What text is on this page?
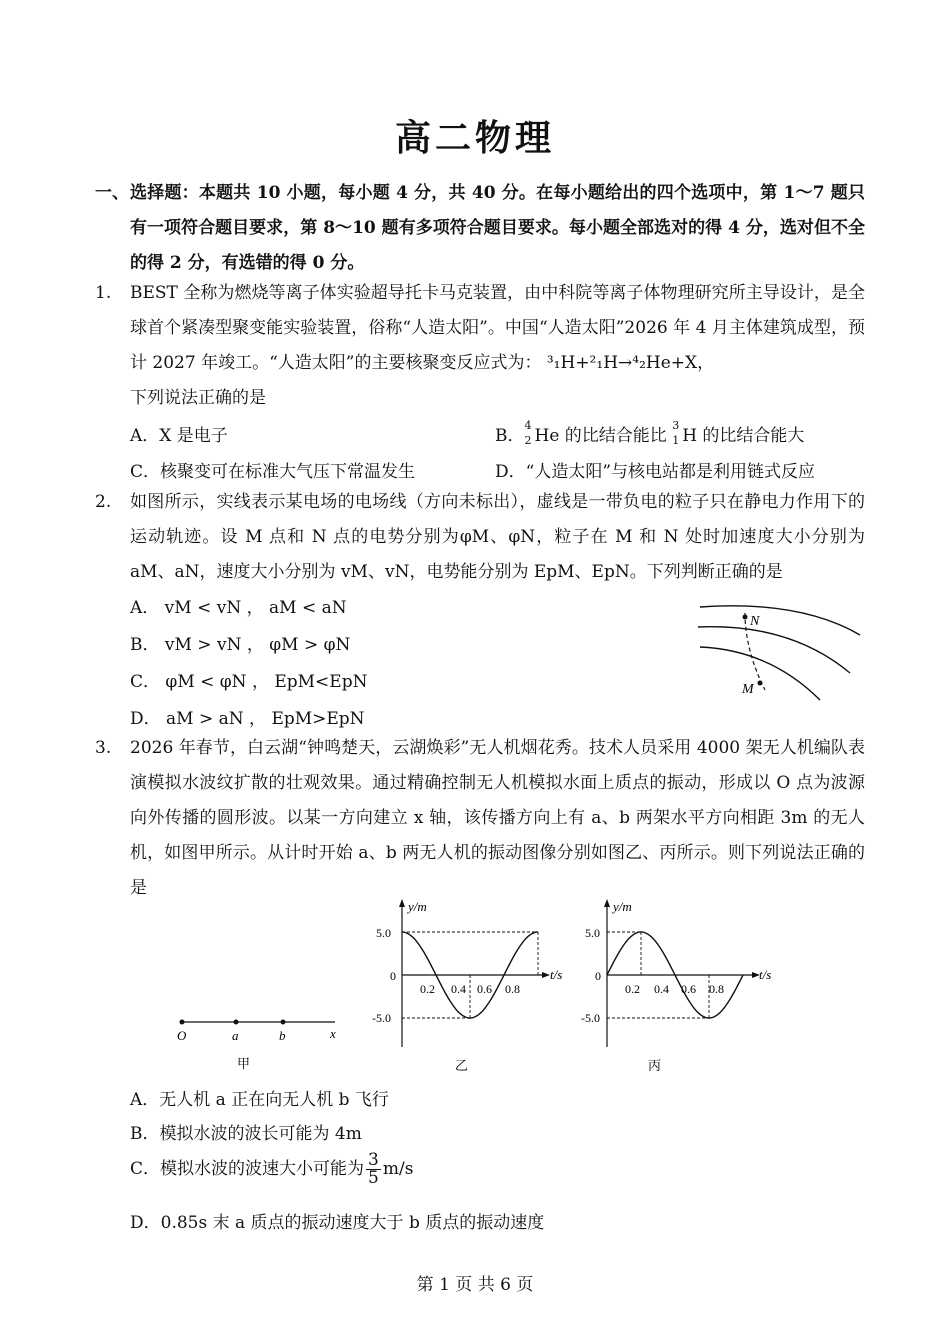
高二物理
一、 选择题：本题共 10 小题，每小题 4 分，共 40 分。在每小题给出的四个选项中，第 1～7 题只有一项符合题目要求，第 8～10 题有多项符合题目要求。每小题全部选对的得 4 分，选对但不全的得 2 分，有选错的得 0 分。
1. BEST 全称为燃烧等离子体实验超导托卡马克装置，由中科院等离子体物理研究所主导设计，是全球首个紧凑型聚变能实验装置，俗称“人造太阳”。中国“人造太阳”2026 年 4 月主体建筑成型，预计 2027 年竣工。“人造太阳”的主要核聚变反应式为： ³₁H+²₁H→⁴₂He+X，
下列说法正确的是
A．X 是电子	B．
4
2 He 的比结合能比
3
1 H 的比结合能大
C．核聚变可在标准大气压下常温发生	D．“人造太阳”与核电站都是利用链式反应
2. 如图所示，实线表示某电场的电场线（方向未标出），虚线是一带负电的粒子只在静电力作用下的运动轨迹。设 M 点和 N 点的电势分别为φM、φN，粒子在 M 和 N 处时加速度大小分别为 aM、aN，速度大小分别为 vM、vN，电势能分别为 EpM、EpN。下列判断正确的是
A． vM < vN ， aM < aN
B． vM > vN ， φM > φN
C． φM < φN ， EpM<EpN
D． aM > aN ， EpM>EpN
N
M
3. 2026 年春节，白云湖“钟鸣楚天，云湖焕彩”无人机烟花秀。技术人员采用 4000 架无人机编队表演模拟水波纹扩散的壮观效果。通过精确控制无人机模拟水面上质点的振动，形成以 O 点为波源向外传播的圆形波。以某一方向建立 x 轴，该传播方向上有 a、b 两架水平方向相距 3m 的无人机，如图甲所示。从计时开始 a、b 两无人机的振动图像分别如图乙、丙所示。则下列说法正确的是
O	a	b	x
甲
y/m
t/s
0
5.0
-5.0
0.2 0.4 0.6 0.8
乙
y/m
t/s
0
5.0
-5.0
0.2 0.4 0.6 0.8
丙
A．无人机 a 正在向无人机 b 飞行
B．模拟水波的波长可能为 4m
C．模拟水波的波速大小可能为 $\frac{3}{5} m/s$
D．0.85s 末 a 质点的振动速度大于 b 质点的振动速度
第 1 页 共 6 页
